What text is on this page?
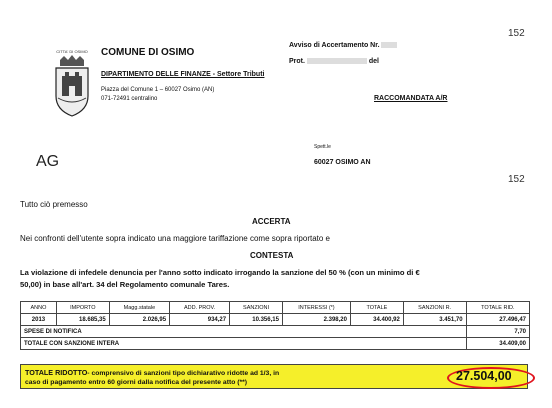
152
CITTA' DI OSIMO COMUNE DI OSIMO
DIPARTIMENTO DELLE FINANZE - Settore Tributi
Piazza del Comune 1 – 60027 Osimo (AN)
071-72491 centralino
Avviso di Accertamento Nr.
Prot.	del
RACCOMANDATA A/R
Spett.le
AG	60027 OSIMO AN
152
Tutto ciò premesso
ACCERTA
Nei confronti dell'utente sopra indicato una maggiore tariffazione come sopra riportato e
CONTESTA
La violazione di infedele denuncia per l'anno sotto indicato irrogando la sanzione del 50 % (con un minimo di €
50,00) in base all'art. 34 del Regolamento comunale Tares.
ANNO	IMPORTO	Magg.statale	ADD. PROV.	SANZIONI	INTERESSI (*)	TOTALE	SANZIONI R.	TOTALE RID.
2013	18.685,35	2.026,95	934,27	10.356,15	2.398,20	34.400,92	3.451,70	27.496,47
SPESE DI NOTIFICA								7,70
TOTALE CON SANZIONE INTERA								34.409,00
TOTALE RIDOTTO- comprensivo di sanzioni tipo dichiarativo ridotte ad 1/3, in
caso di pagamento entro 60 giorni dalla notifica del presente atto (**)	27.504,00
